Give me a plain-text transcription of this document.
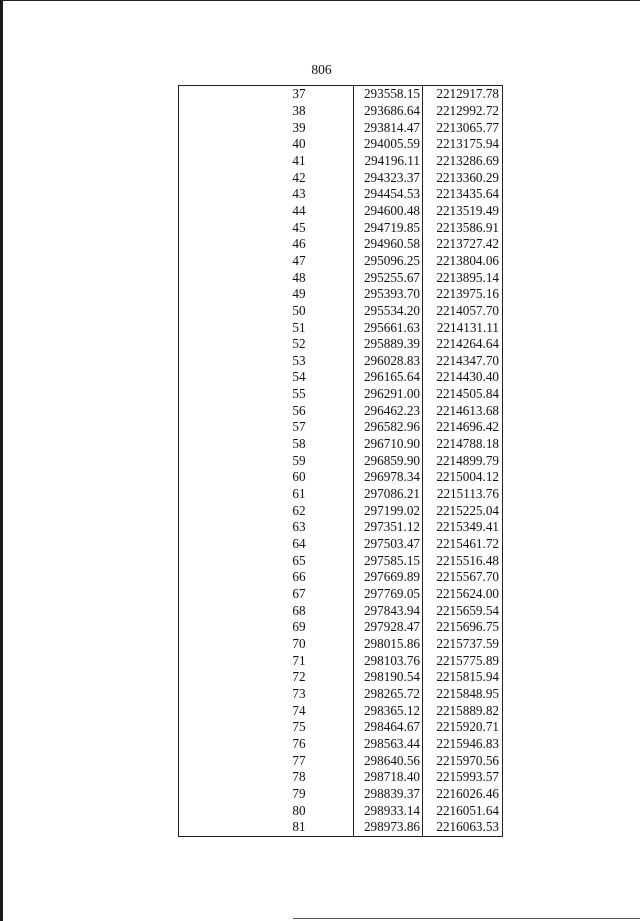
806
	37	293558.15	2212917.78
	38	293686.64	2212992.72
	39	293814.47	2213065.77
	40	294005.59	2213175.94
	41	294196.11	2213286.69
	42	294323.37	2213360.29
	43	294454.53	2213435.64
	44	294600.48	2213519.49
	45	294719.85	2213586.91
	46	294960.58	2213727.42
	47	295096.25	2213804.06
	48	295255.67	2213895.14
	49	295393.70	2213975.16
	50	295534.20	2214057.70
	51	295661.63	2214131.11
	52	295889.39	2214264.64
	53	296028.83	2214347.70
	54	296165.64	2214430.40
	55	296291.00	2214505.84
	56	296462.23	2214613.68
	57	296582.96	2214696.42
	58	296710.90	2214788.18
	59	296859.90	2214899.79
	60	296978.34	2215004.12
	61	297086.21	2215113.76
	62	297199.02	2215225.04
	63	297351.12	2215349.41
	64	297503.47	2215461.72
	65	297585.15	2215516.48
	66	297669.89	2215567.70
	67	297769.05	2215624.00
	68	297843.94	2215659.54
	69	297928.47	2215696.75
	70	298015.86	2215737.59
	71	298103.76	2215775.89
	72	298190.54	2215815.94
	73	298265.72	2215848.95
	74	298365.12	2215889.82
	75	298464.67	2215920.71
	76	298563.44	2215946.83
	77	298640.56	2215970.56
	78	298718.40	2215993.57
	79	298839.37	2216026.46
	80	298933.14	2216051.64
	81	298973.86	2216063.53
